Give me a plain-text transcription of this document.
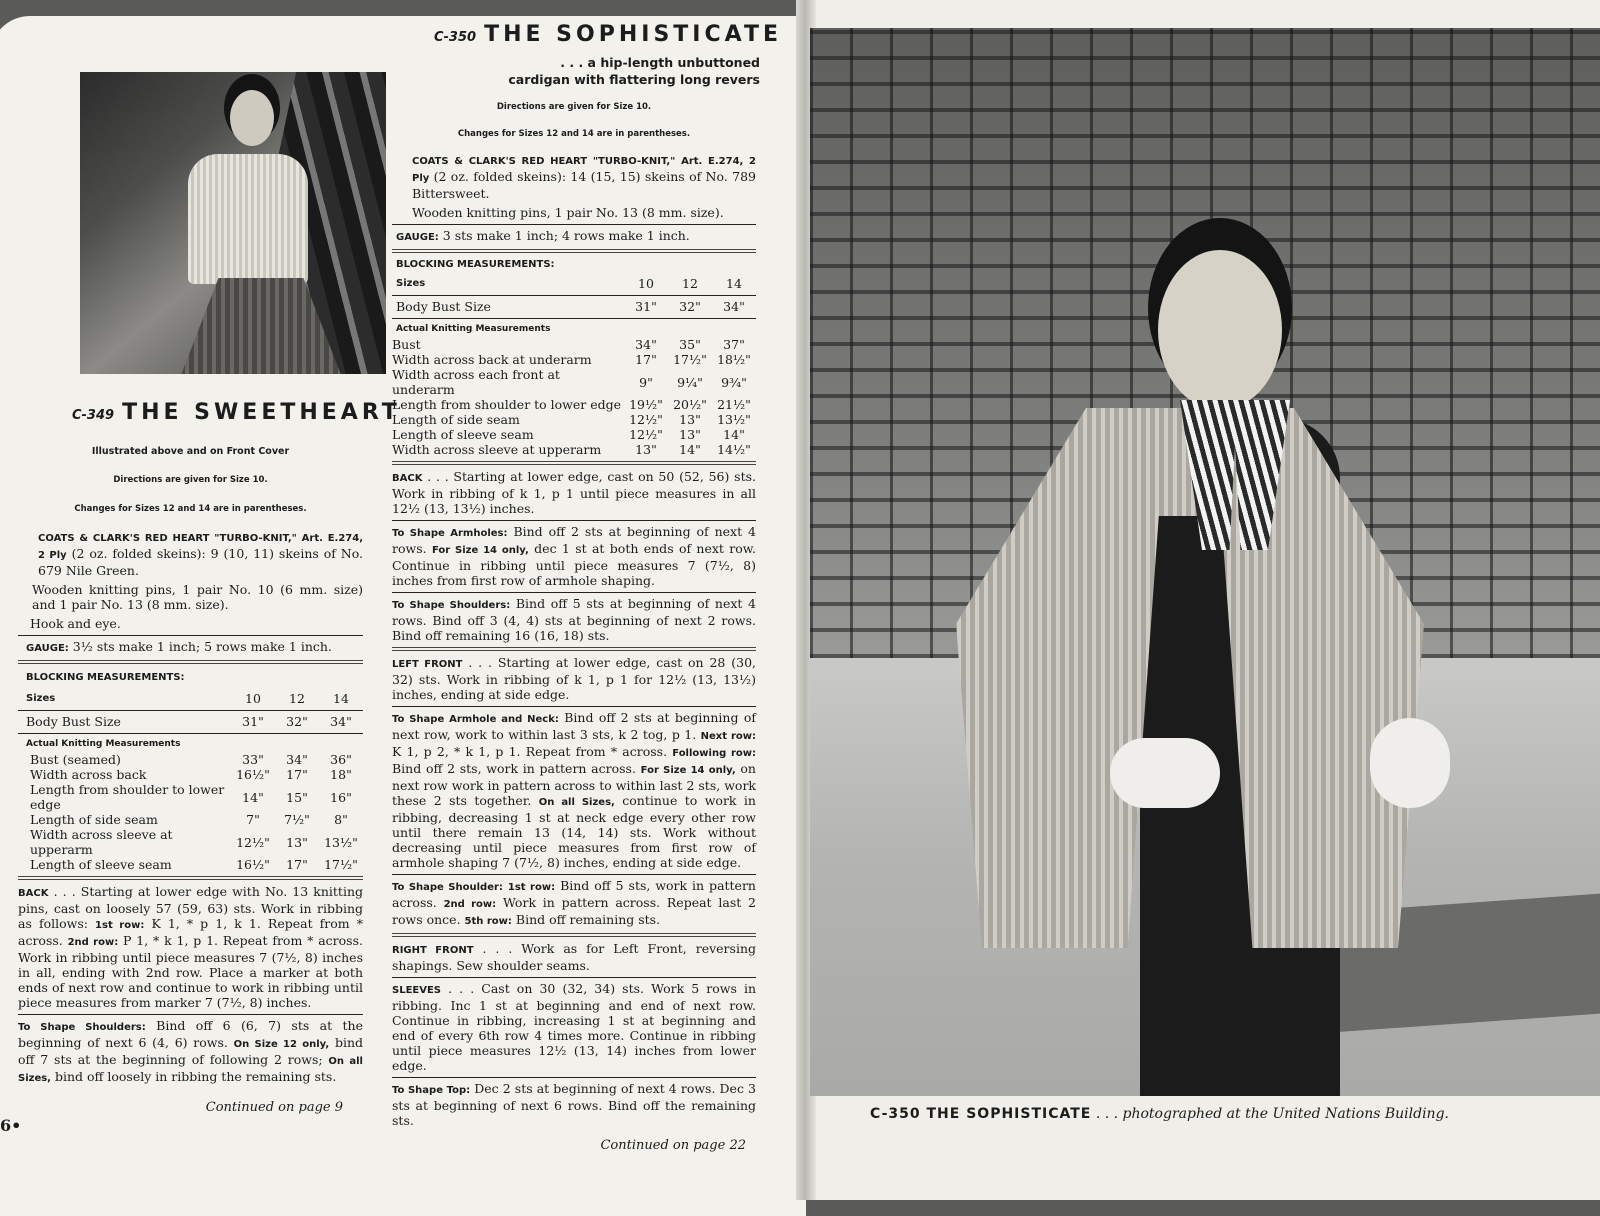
C-349 THE SWEETHEART
Illustrated above and on Front Cover
Directions are given for Size 10.
Changes for Sizes 12 and 14 are in parentheses.
COATS & CLARK'S RED HEART "TURBO-KNIT," Art. E.274, 2 Ply (2 oz. folded skeins): 9 (10, 11) skeins of No. 679 Nile Green.
Wooden knitting pins, 1 pair No. 10 (6 mm. size) and 1 pair No. 13 (8 mm. size).
Hook and eye.
GAUGE: 3½ sts make 1 inch; 5 rows make 1 inch.
BLOCKING MEASUREMENTS:
Sizes	10	12	14

Body Bust Size	31"	32"	34"

Actual Knitting Measurements			
Bust (seamed)	33"	34"	36"
Width across back	16½"	17"	18"
Length from shoulder to lower edge	14"	15"	16"
Length of side seam	7"	7½"	8"
Width across sleeve at upperarm	12½"	13"	13½"
Length of sleeve seam	16½"	17"	17½"
BACK . . . Starting at lower edge with No. 13 knitting pins, cast on loosely 57 (59, 63) sts. Work in ribbing as follows: 1st row: K 1, * p 1, k 1. Repeat from * across. 2nd row: P 1, * k 1, p 1. Repeat from * across. Work in ribbing until piece measures 7 (7½, 8) inches in all, ending with 2nd row. Place a marker at both ends of next row and continue to work in ribbing until piece measures from marker 7 (7½, 8) inches.
To Shape Shoulders: Bind off 6 (6, 7) sts at the beginning of next 6 (4, 6) rows. On Size 12 only, bind off 7 sts at the beginning of following 2 rows; On all Sizes, bind off loosely in ribbing the remaining sts.
Continued on page 9
C-350 THE SOPHISTICATE
. . . a hip-length unbuttoned cardigan with flattering long revers
Directions are given for Size 10.
Changes for Sizes 12 and 14 are in parentheses.
COATS & CLARK'S RED HEART "TURBO-KNIT," Art. E.274, 2 Ply (2 oz. folded skeins): 14 (15, 15) skeins of No. 789 Bittersweet.
Wooden knitting pins, 1 pair No. 13 (8 mm. size).
GAUGE: 3 sts make 1 inch; 4 rows make 1 inch.
BLOCKING MEASUREMENTS:
Sizes	10	12	14

Body Bust Size	31"	32"	34"

Actual Knitting Measurements			
Bust	34"	35"	37"
Width across back at underarm	17"	17½"	18½"
Width across each front at underarm	9"	9¼"	9¾"
Length from shoulder to lower edge	19½"	20½"	21½"
Length of side seam	12½"	13"	13½"
Length of sleeve seam	12½"	13"	14"
Width across sleeve at upperarm	13"	14"	14½"
BACK . . . Starting at lower edge, cast on 50 (52, 56) sts. Work in ribbing of k 1, p 1 until piece measures in all 12½ (13, 13½) inches.
To Shape Armholes: Bind off 2 sts at beginning of next 4 rows. For Size 14 only, dec 1 st at both ends of next row. Continue in ribbing until piece measures 7 (7½, 8) inches from first row of armhole shaping.
To Shape Shoulders: Bind off 5 sts at beginning of next 4 rows. Bind off 3 (4, 4) sts at beginning of next 2 rows. Bind off remaining 16 (16, 18) sts.
LEFT FRONT . . . Starting at lower edge, cast on 28 (30, 32) sts. Work in ribbing of k 1, p 1 for 12½ (13, 13½) inches, ending at side edge.
To Shape Armhole and Neck: Bind off 2 sts at beginning of next row, work to within last 3 sts, k 2 tog, p 1. Next row: K 1, p 2, * k 1, p 1. Repeat from * across. Following row: Bind off 2 sts, work in pattern across. For Size 14 only, on next row work in pattern across to within last 2 sts, work these 2 sts together. On all Sizes, continue to work in ribbing, decreasing 1 st at neck edge every other row until there remain 13 (14, 14) sts. Work without decreasing until piece measures from first row of armhole shaping 7 (7½, 8) inches, ending at side edge.
To Shape Shoulder: 1st row: Bind off 5 sts, work in pattern across. 2nd row: Work in pattern across. Repeat last 2 rows once. 5th row: Bind off remaining sts.
RIGHT FRONT . . . Work as for Left Front, reversing shapings. Sew shoulder seams.
SLEEVES . . . Cast on 30 (32, 34) sts. Work 5 rows in ribbing. Inc 1 st at beginning and end of next row. Continue in ribbing, increasing 1 st at beginning and end of every 6th row 4 times more. Continue in ribbing until piece measures 12½ (13, 14) inches from lower edge.
To Shape Top: Dec 2 sts at beginning of next 4 rows. Dec 3 sts at beginning of next 6 rows. Bind off the remaining sts.
Continued on page 22
6•
C-350 THE SOPHISTICATE . . . photographed at the United Nations Building.
